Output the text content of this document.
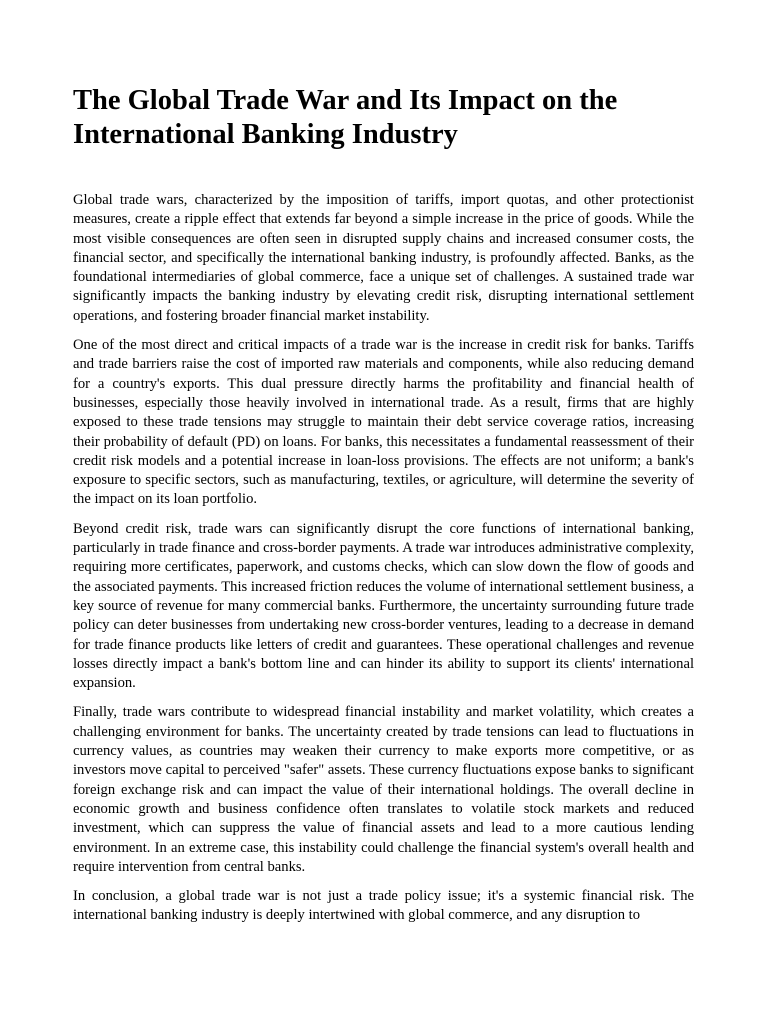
The Global Trade War and Its Impact on the International Banking Industry

Global trade wars, characterized by the imposition of tariffs, import quotas, and other protectionist measures, create a ripple effect that extends far beyond a simple increase in the price of goods. While the most visible consequences are often seen in disrupted supply chains and increased consumer costs, the financial sector, and specifically the international banking industry, is profoundly affected. Banks, as the foundational intermediaries of global commerce, face a unique set of challenges. A sustained trade war significantly impacts the banking industry by elevating credit risk, disrupting international settlement operations, and fostering broader financial market instability.

One of the most direct and critical impacts of a trade war is the increase in credit risk for banks. Tariffs and trade barriers raise the cost of imported raw materials and components, while also reducing demand for a country's exports. This dual pressure directly harms the profitability and financial health of businesses, especially those heavily involved in international trade. As a result, firms that are highly exposed to these trade tensions may struggle to maintain their debt service coverage ratios, increasing their probability of default (PD) on loans. For banks, this necessitates a fundamental reassessment of their credit risk models and a potential increase in loan-loss provisions. The effects are not uniform; a bank's exposure to specific sectors, such as manufacturing, textiles, or agriculture, will determine the severity of the impact on its loan portfolio.

Beyond credit risk, trade wars can significantly disrupt the core functions of international banking, particularly in trade finance and cross-border payments. A trade war introduces administrative complexity, requiring more certificates, paperwork, and customs checks, which can slow down the flow of goods and the associated payments. This increased friction reduces the volume of international settlement business, a key source of revenue for many commercial banks. Furthermore, the uncertainty surrounding future trade policy can deter businesses from undertaking new cross-border ventures, leading to a decrease in demand for trade finance products like letters of credit and guarantees. These operational challenges and revenue losses directly impact a bank's bottom line and can hinder its ability to support its clients' international expansion.

Finally, trade wars contribute to widespread financial instability and market volatility, which creates a challenging environment for banks. The uncertainty created by trade tensions can lead to fluctuations in currency values, as countries may weaken their currency to make exports more competitive, or as investors move capital to perceived "safer" assets. These currency fluctuations expose banks to significant foreign exchange risk and can impact the value of their international holdings. The overall decline in economic growth and business confidence often translates to volatile stock markets and reduced investment, which can suppress the value of financial assets and lead to a more cautious lending environment. In an extreme case, this instability could challenge the financial system's overall health and require intervention from central banks.

In conclusion, a global trade war is not just a trade policy issue; it's a systemic financial risk. The international banking industry is deeply intertwined with global commerce, and any disruption to
